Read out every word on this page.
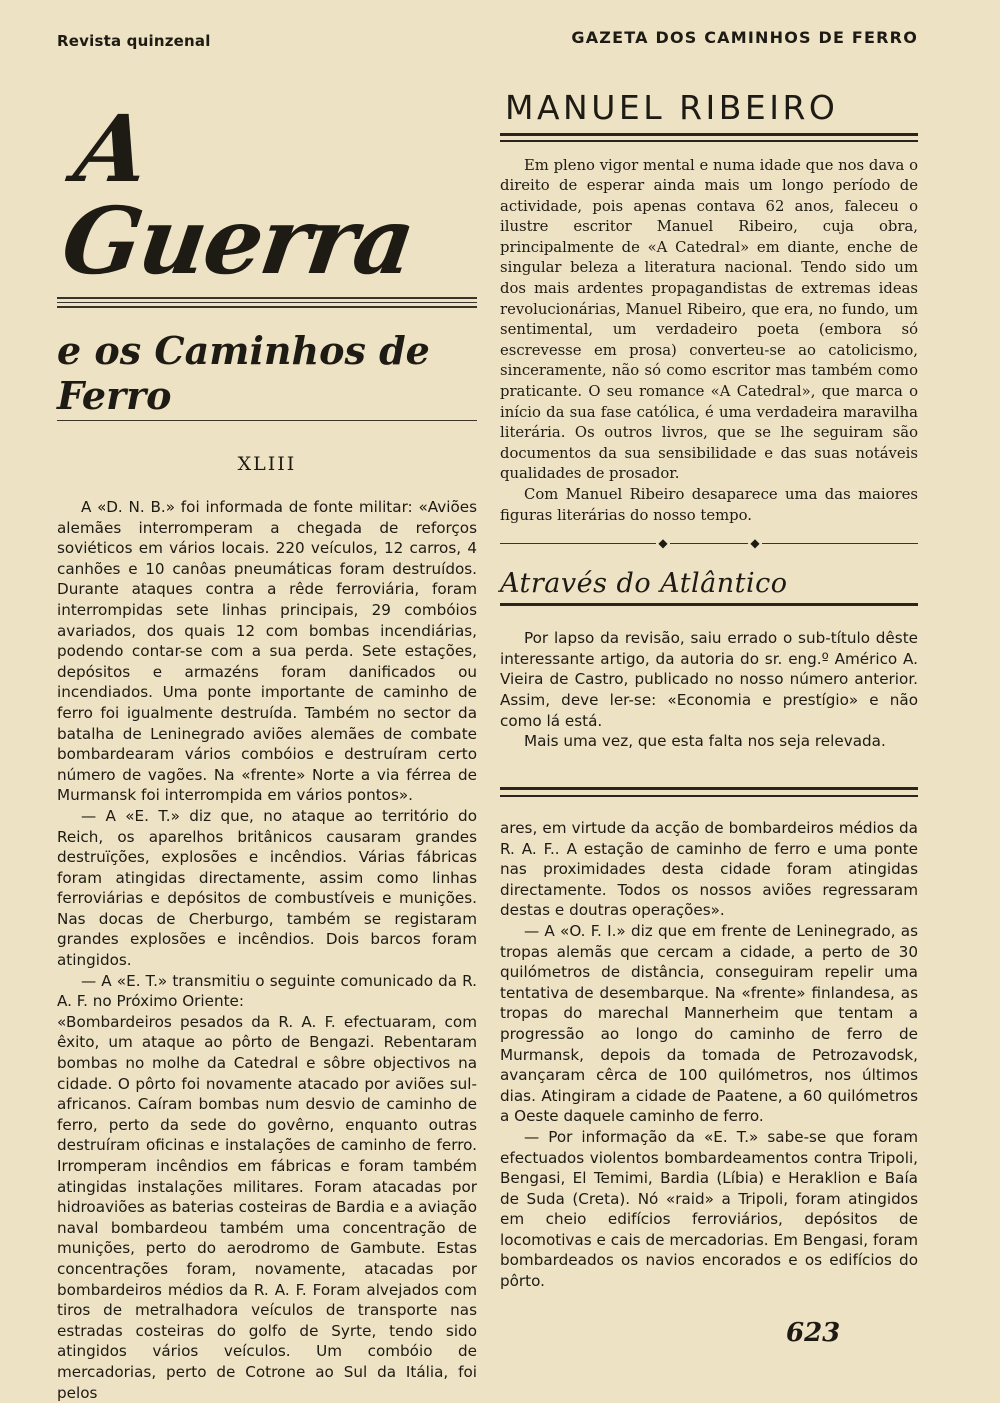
Revista quinzenal	GAZETA DOS CAMINHOS DE FERRO
A Guerra
e os Caminhos de Ferro
XLIII

A «D. N. B.» foi informada de fonte militar: «Aviões alemães interromperam a chegada de reforços soviéticos em vários locais. 220 veículos, 12 carros, 4 canhões e 10 canôas pneumáticas foram destruídos. Durante ataques contra a rêde ferroviária, foram interrompidas sete linhas principais, 29 combóios avariados, dos quais 12 com bombas incendiárias, podendo contar-se com a sua perda. Sete estações, depósitos e armazéns foram danificados ou incendiados. Uma ponte importante de caminho de ferro foi igualmente destruída. Também no sector da batalha de Leninegrado aviões alemães de combate bombardearam vários combóios e destruíram certo número de vagões. Na «frente» Norte a via férrea de Murmansk foi interrompida em vários pontos».

— A «E. T.» diz que, no ataque ao território do Reich, os aparelhos britânicos causaram grandes destruïções, explosões e incêndios. Várias fábricas foram atingidas directamente, assim como linhas ferroviárias e depósitos de combustíveis e munições. Nas docas de Cherburgo, também se registaram grandes explosões e incêndios. Dois barcos foram atingidos.

— A «E. T.» transmitiu o seguinte comunicado da R. A. F. no Próximo Oriente:

«Bombardeiros pesados da R. A. F. efectuaram, com êxito, um ataque ao pôrto de Bengazi. Rebentaram bombas no molhe da Catedral e sôbre objectivos na cidade. O pôrto foi novamente atacado por aviões sul-africanos. Caíram bombas num desvio de caminho de ferro, perto da sede do govêrno, enquanto outras destruíram oficinas e instalações de caminho de ferro. Irromperam incêndios em fábricas e foram também atingidas instalações militares. Foram atacadas por hidroaviões as baterias costeiras de Bardia e a aviação naval bombardeou também uma concentração de munições, perto do aerodromo de Gambute. Estas concentrações foram, novamente, atacadas por bombardeiros médios da R. A. F. Foram alvejados com tiros de metralhadora veículos de transporte nas estradas costeiras do golfo de Syrte, tendo sido atingidos vários veículos. Um combóio de mercadorias, perto de Cotrone ao Sul da Itália, foi pelos

MANUEL RIBEIRO

Em pleno vigor mental e numa idade que nos dava o direito de esperar ainda mais um longo período de actividade, pois apenas contava 62 anos, faleceu o ilustre escritor Manuel Ribeiro, cuja obra, principalmente de «A Catedral» em diante, enche de singular beleza a literatura nacional. Tendo sido um dos mais ardentes propagandistas de extremas ideas revolucionárias, Manuel Ribeiro, que era, no fundo, um sentimental, um verdadeiro poeta (embora só escrevesse em prosa) converteu-se ao catolicismo, sinceramente, não só como escritor mas também como praticante. O seu romance «A Catedral», que marca o início da sua fase católica, é uma verdadeira maravilha literária. Os outros livros, que se lhe seguiram são documentos da sua sensibilidade e das suas notáveis qualidades de prosador.

Com Manuel Ribeiro desaparece uma das maiores figuras literárias do nosso tempo.

◆	◆
Através do Atlântico

Por lapso da revisão, saiu errado o sub-título dêste interessante artigo, da autoria do sr. eng.º Américo A. Vieira de Castro, publicado no nosso número anterior. Assim, deve ler-se: «Economia e prestígio» e não como lá está.

Mais uma vez, que esta falta nos seja relevada.

ares, em virtude da acção de bombardeiros médios da R. A. F.. A estação de caminho de ferro e uma ponte nas proximidades desta cidade foram atingidas directamente. Todos os nossos aviões regressaram destas e doutras operações».

— A «O. F. I.» diz que em frente de Leninegrado, as tropas alemãs que cercam a cidade, a perto de 30 quilómetros de distância, conseguiram repelir uma tentativa de desembarque. Na «frente» finlandesa, as tropas do marechal Mannerheim que tentam a progressão ao longo do caminho de ferro de Murmansk, depois da tomada de Petrozavodsk, avançaram cêrca de 100 quilómetros, nos últimos dias. Atingiram a cidade de Paatene, a 60 quilómetros a Oeste daquele caminho de ferro.

— Por informação da «E. T.» sabe-se que foram efectuados violentos bombardeamentos contra Tripoli, Bengasi, El Temimi, Bardia (Líbia) e Heraklion e Baía de Suda (Creta). Nó «raid» a Tripoli, foram atingidos em cheio edifícios ferroviários, depósitos de locomotivas e cais de mercadorias. Em Bengasi, foram bombardeados os navios encorados e os edifícios do pôrto.

623
